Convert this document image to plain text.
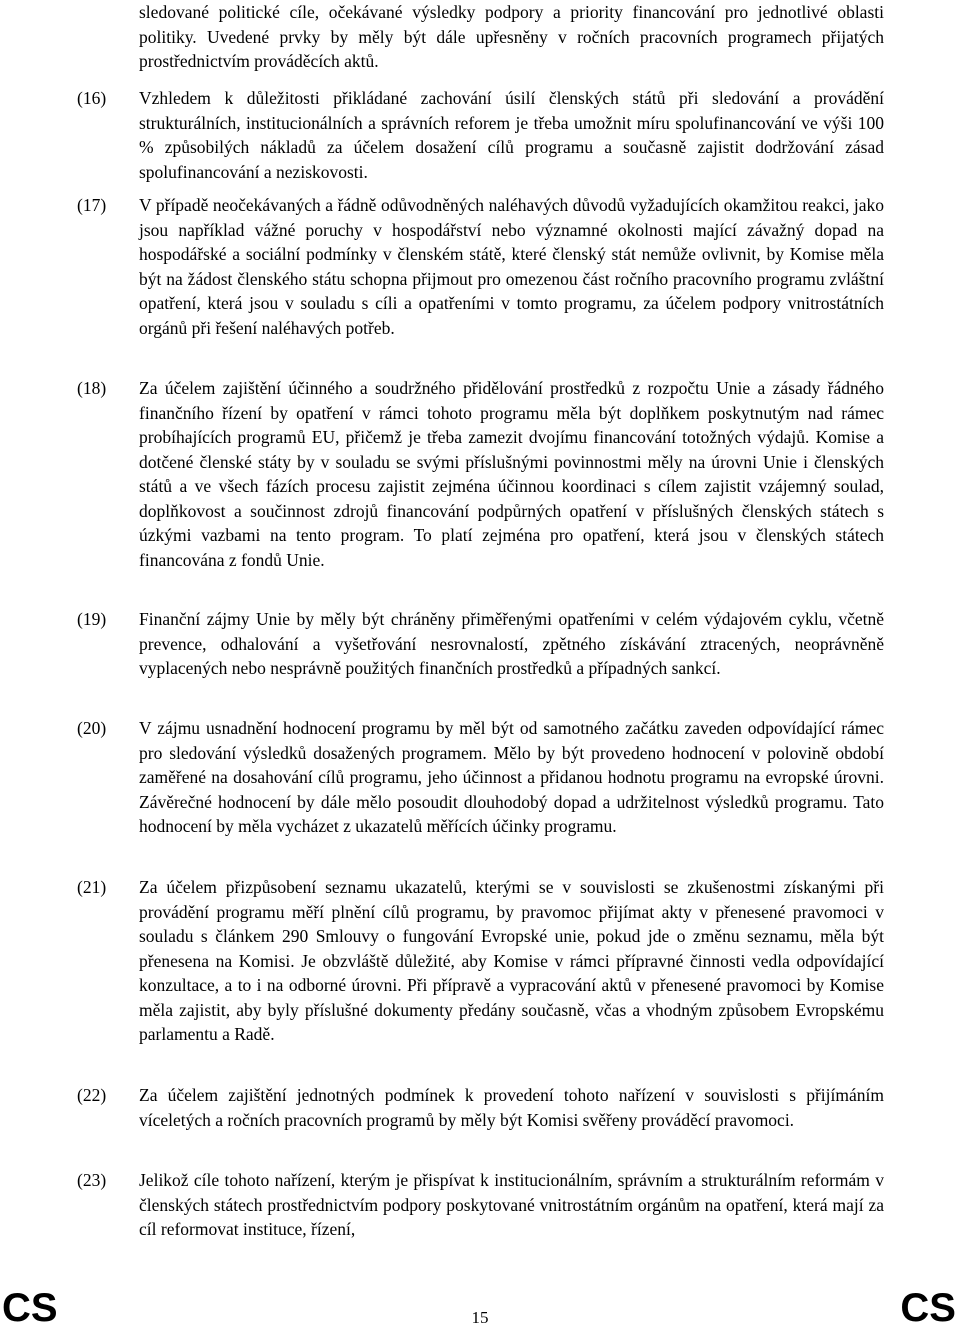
sledované politické cíle, očekávané výsledky podpory a priority financování pro jednotlivé oblasti politiky. Uvedené prvky by měly být dále upřesněny v ročních pracovních programech přijatých prostřednictvím prováděcích aktů.

(16) Vzhledem k důležitosti přikládané zachování úsilí členských států při sledování a provádění strukturálních, institucionálních a správních reforem je třeba umožnit míru spolufinancování ve výši 100 % způsobilých nákladů za účelem dosažení cílů programu a současně zajistit dodržování zásad spolufinancování a neziskovosti.

(17) V případě neočekávaných a řádně odůvodněných naléhavých důvodů vyžadujících okamžitou reakci, jako jsou například vážné poruchy v hospodářství nebo významné okolnosti mající závažný dopad na hospodářské a sociální podmínky v členském státě, které členský stát nemůže ovlivnit, by Komise měla být na žádost členského státu schopna přijmout pro omezenou část ročního pracovního programu zvláštní opatření, která jsou v souladu s cíli a opatřeními v tomto programu, za účelem podpory vnitrostátních orgánů při řešení naléhavých potřeb.

(18) Za účelem zajištění účinného a soudržného přidělování prostředků z rozpočtu Unie a zásady řádného finančního řízení by opatření v rámci tohoto programu měla být doplňkem poskytnutým nad rámec probíhajících programů EU, přičemž je třeba zamezit dvojímu financování totožných výdajů. Komise a dotčené členské státy by v souladu se svými příslušnými povinnostmi měly na úrovni Unie i členských států a ve všech fázích procesu zajistit zejména účinnou koordinaci s cílem zajistit vzájemný soulad, doplňkovost a součinnost zdrojů financování podpůrných opatření v příslušných členských státech s úzkými vazbami na tento program. To platí zejména pro opatření, která jsou v členských státech financována z fondů Unie.

(19) Finanční zájmy Unie by měly být chráněny přiměřenými opatřeními v celém výdajovém cyklu, včetně prevence, odhalování a vyšetřování nesrovnalostí, zpětného získávání ztracených, neoprávněně vyplacených nebo nesprávně použitých finančních prostředků a případných sankcí.

(20) V zájmu usnadnění hodnocení programu by měl být od samotného začátku zaveden odpovídající rámec pro sledování výsledků dosažených programem. Mělo by být provedeno hodnocení v polovině období zaměřené na dosahování cílů programu, jeho účinnost a přidanou hodnotu programu na evropské úrovni. Závěrečné hodnocení by dále mělo posoudit dlouhodobý dopad a udržitelnost výsledků programu. Tato hodnocení by měla vycházet z ukazatelů měřících účinky programu.

(21) Za účelem přizpůsobení seznamu ukazatelů, kterými se v souvislosti se zkušenostmi získanými při provádění programu měří plnění cílů programu, by pravomoc přijímat akty v přenesené pravomoci v souladu s článkem 290 Smlouvy o fungování Evropské unie, pokud jde o změnu seznamu, měla být přenesena na Komisi. Je obzvláště důležité, aby Komise v rámci přípravné činnosti vedla odpovídající konzultace, a to i na odborné úrovni. Při přípravě a vypracování aktů v přenesené pravomoci by Komise měla zajistit, aby byly příslušné dokumenty předány současně, včas a vhodným způsobem Evropskému parlamentu a Radě.

(22) Za účelem zajištění jednotných podmínek k provedení tohoto nařízení v souvislosti s přijímáním víceletých a ročních pracovních programů by měly být Komisi svěřeny prováděcí pravomoci.

(23) Jelikož cíle tohoto nařízení, kterým je přispívat k institucionálním, správním a strukturálním reformám v členských státech prostřednictvím podpory poskytované vnitrostátním orgánům na opatření, která mají za cíl reformovat instituce, řízení,

CS	15	CS
